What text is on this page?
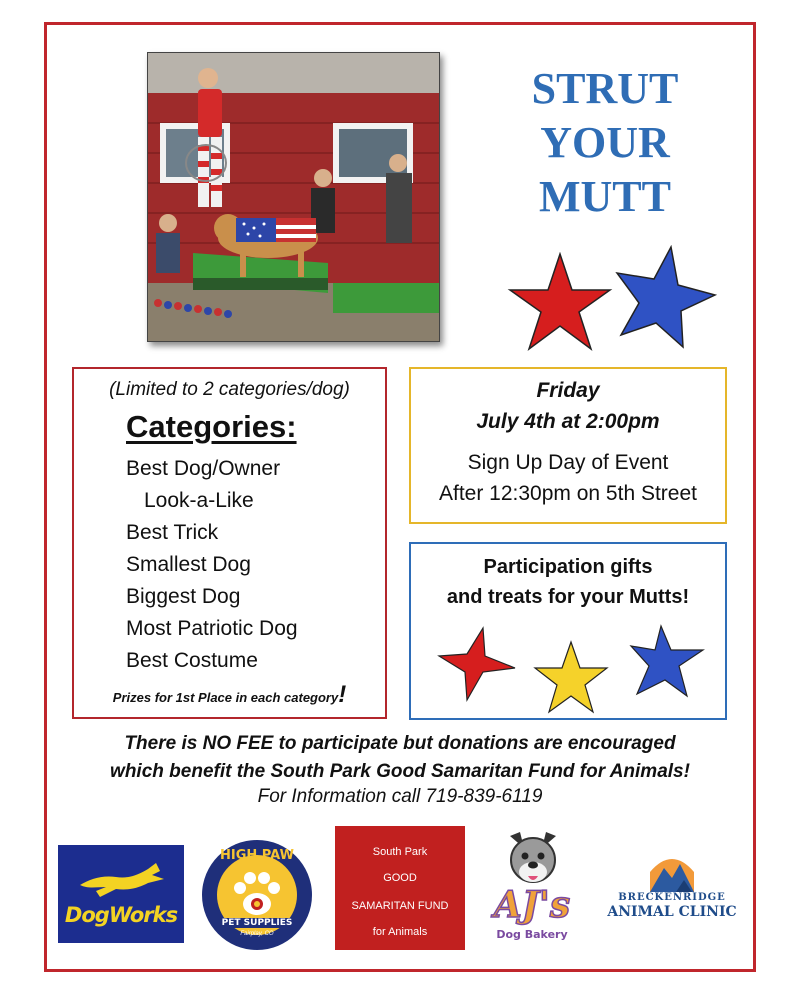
STRUT
YOUR
MUTT
(Limited to 2 categories/dog)
Categories:
Best Dog/Owner
Look-a-Like
Best Trick
Smallest Dog
Biggest Dog
Most Patriotic Dog
Best Costume
Prizes for 1st Place in each category!
Friday
July 4th at 2:00pm
Sign Up Day of Event
After 12:30pm on 5th Street
Participation gifts
and treats for your Mutts!
There is NO FEE to participate but donations are encouraged
which benefit the South Park Good Samaritan Fund for Animals!
For Information call 719-839-6119
DogWorks
HIGH PAW
PET SUPPLIES
Fairplay, CO
South Park
GOOD
SAMARITAN FUND
for Animals
AJ's
Dog Bakery
BRECKENRIDGE
ANIMAL CLINIC
